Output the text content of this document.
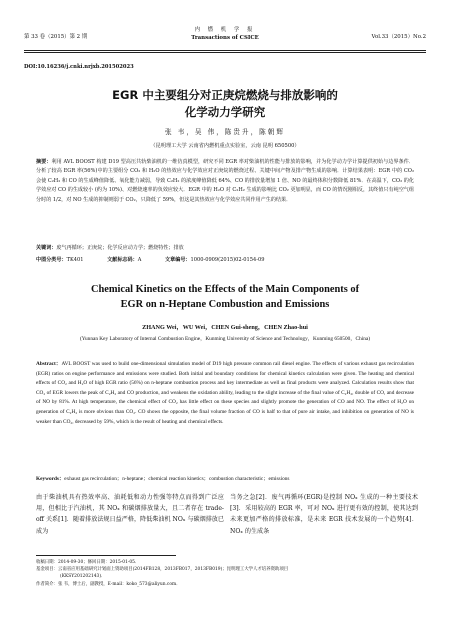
第 33 卷（2015）第 2 期
内 燃 机 学 报
Transactions of CSICE	Vol.33（2015）No.2
DOI:10.16236/j.cnki.nrjxb.201502023
EGR 中主要组分对正庚烷燃烧与排放影响的
化学动力学研究
张 韦，吴 伟，陈贵升，陈朝辉
（昆明理工大学 云南省内燃机重点实验室，云南 昆明 650500）
摘要：利用 AVL BOOST 构建 D19 型高压共轨柴油机的一维仿真模型，研究不同 EGR 率对柴油机的性能与排放的影响，并为化学动力学计算提供初始与边界条件．分析了较高 EGR 率(56%)中的主要组分 CO₂ 和 H₂O 的热效应与化学效应对正庚烷的燃烧过程、关键中间产物及排产物生成的影响．计算结果表明：EGR 中的 CO₂ 会使 C₂H₂ 和 CO 的生成峰值降低、氧化能力减弱，导致 C₂H₂ 的浓度峰值降低 64%、CO 的排放量增加 1 倍、NO 的最终体积分数降低 81%．在高温下，CO₂ 的化学效应对 CO 的生成较小 (约为 10%)、对燃烧速率的负效应较大．EGR 中的 H₂O 对 C₂H₂ 生成的影响比 CO₂ 更加明显，而 CO 的情况刚相反，其终值只有纯空气组分时的 1/2，对 NO 生成的抑制则弱于 CO₂，只降低了 59%，但这是其热效应与化学效应共同作用产生的结果．
关键词：废气再循环；正庚烷；化学反应动力学；燃烧特性；排放
中图分类号：TK401	文献标志码：A	文章编号：1000-0909(2015)02-0154-09
Chemical Kinetics on the Effects of the Main Components of
EGR on n-Heptane Combustion and Emissions
ZHANG Wei，WU Wei，CHEN Gui-sheng，CHEN Zhao-hui
(Yunnan Key Laboratory of Internal Combustion Engine，Kunming University of Science and Technology，Kunming 650500，China)
Abstract：AVL BOOST was used to build one-dimensional simulation model of D19 high pressure common rail diesel engine. The effects of various exhaust gas recirculation (EGR) ratios on engine performance and emissions were studied. Both initial and boundary conditions for chemical kinetics calculation were given. The heating and chemical effects of CO₂ and H₂O of high EGR ratio (56%) on n-heptane combustion process and key intermediate as well as final products were analyzed. Calculation results show that CO₂ of EGR lowers the peak of C₂H₂ and CO production, and weakens the oxidation ability, leading to the slight increase of the final value of C₂H₂, double of CO, and decrease of NO by 81%. At high temperature, the chemical effect of CO₂ has little effect on these species and slightly promote the generation of CO and NO. The effect of H₂O on generation of C₂H₂ is more obvious than CO₂. CO shows the opposite, the final volume fraction of CO is half to that of pure air intake, and inhibition on generation of NO is weaker than CO₂, decreased by 59%, which is the result of heating and chemical effects.
Keywords：exhaust gas recirculation；n-heptane；chemical reaction kinetics；combustion characteristic；emissions
由于柴油机具有热效率高、油耗低和动力性强等特点而得到广泛应用，但相比于汽油机，其 NOₓ 和碳烟排放量大，且二者存在 trade-off 关系[1]．随着排放法规日益严格，降低柴油机 NOₓ 与碳烟排放已成为
当务之急[2]．废气再循环(EGR)是控制 NOₓ 生成的一种主要技术[3]．采用较高的 EGR 率，可对 NOₓ 进行更有效的控制，使其达到未来更加严格的排放标准，是未来 EGR 技术发展的一个趋势[4]．NOₓ 的生成条
收稿日期：2014-09-30；修回日期：2015-01-05．
基金项目：云南省应用基础研究计划面上资助项目(2014FB128，2013FB017，2013FB019)；昆明理工大学人才培养资助项目
(KKSY201202143)．
作者简介：张 韦，博士后，副教授，E-mail：koko_573@aliyun.com．
